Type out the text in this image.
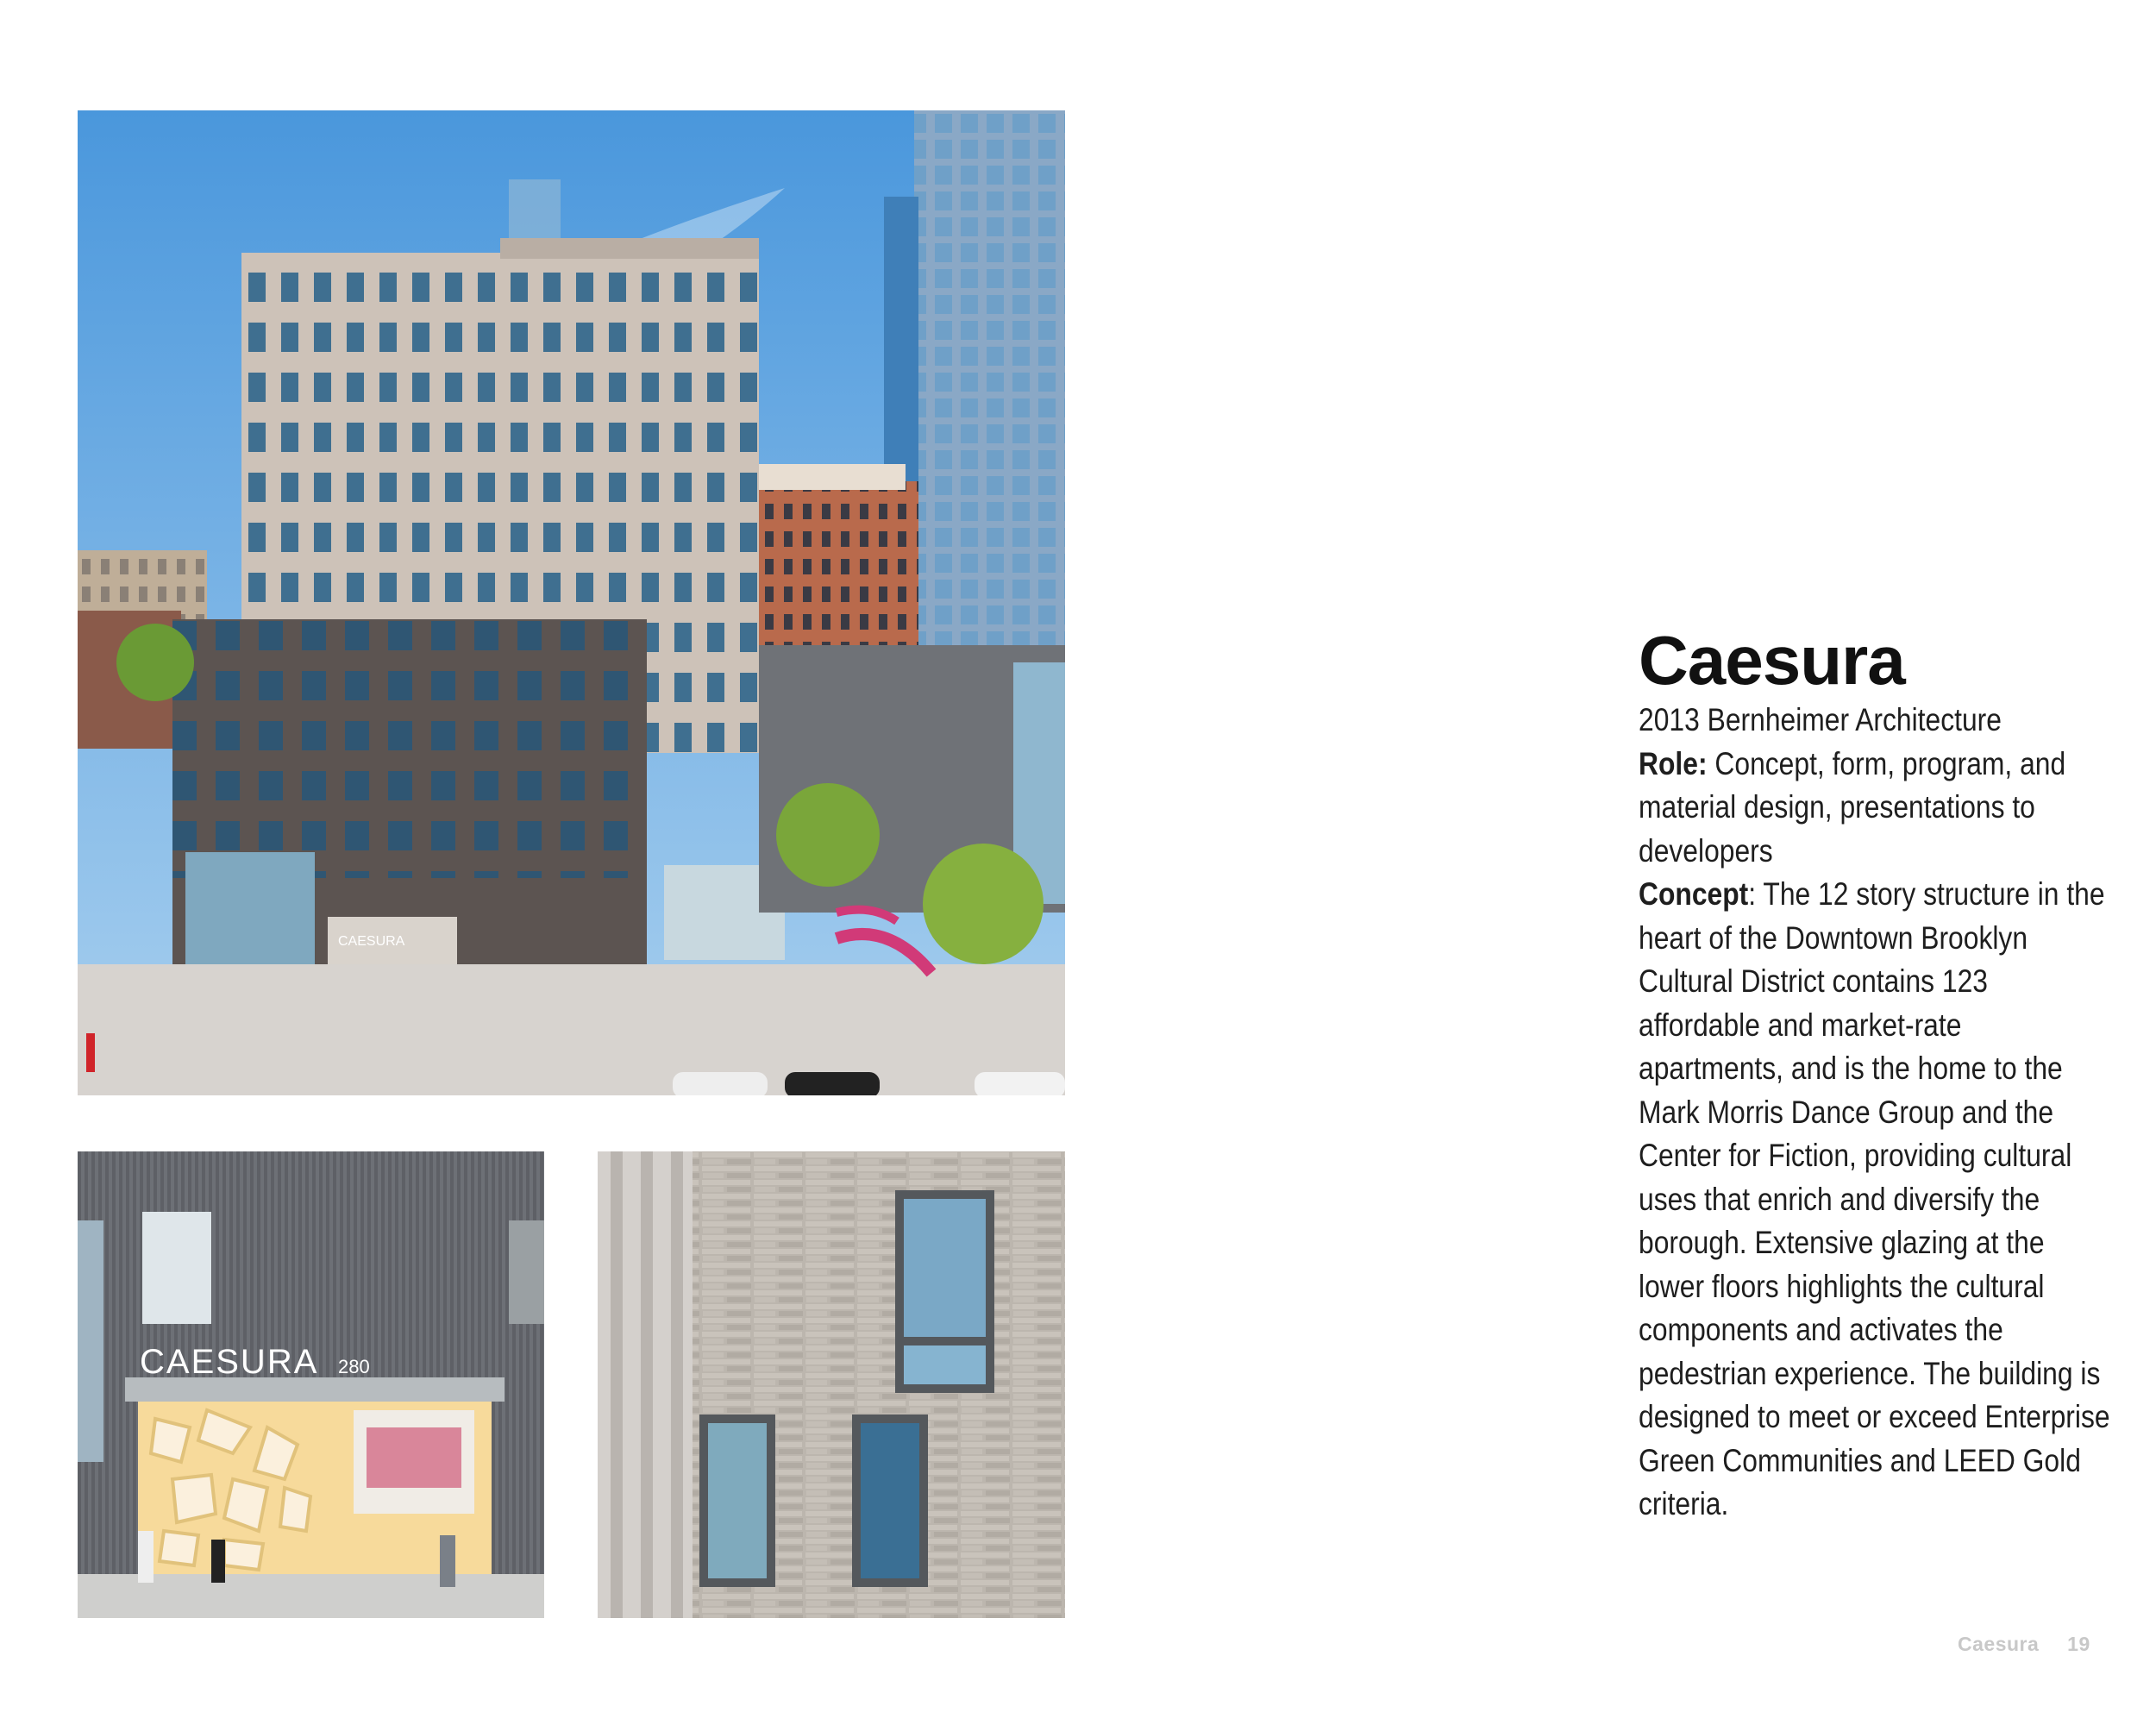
CAESURA
CAESURA 280
Caesura

2013 Bernheimer Architecture

Role: Concept, form, program, and material design, presentations to developers

Concept: The 12 story structure in the heart of the Downtown Brooklyn Cultural District contains 123 affordable and market-rate apartments, and is the home to the Mark Morris Dance Group and the Center for Fiction, providing cultural uses that enrich and diversify the borough. Extensive glazing at the lower floors highlights the cultural components and activates the pedestrian experience. The building is designed to meet or exceed Enterprise Green Communities and LEED Gold criteria.

Caesura 19
